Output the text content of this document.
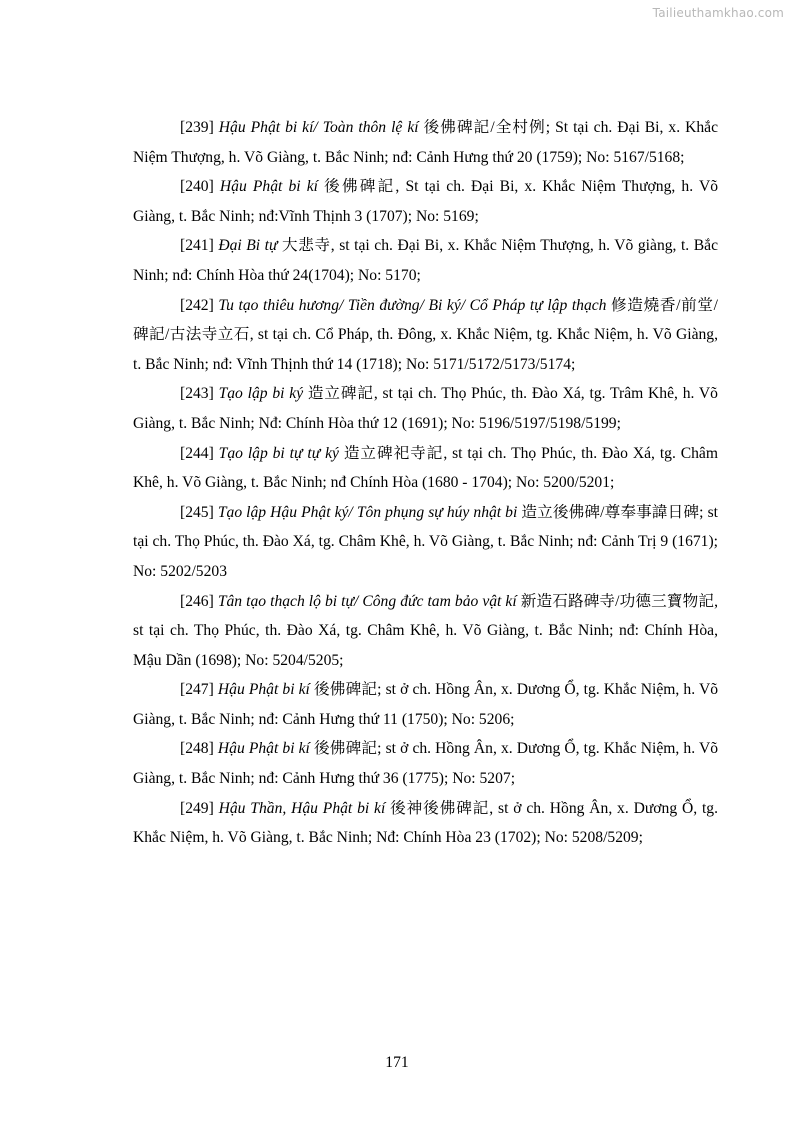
Tailieuthamkhao.com

[239] Hậu Phật bi kí/ Toàn thôn lệ kí 後佛碑記/全村例; St tại ch. Đại Bi, x. Khắc Niệm Thượng, h. Võ Giàng, t. Bắc Ninh; nđ: Cảnh Hưng thứ 20 (1759); No: 5167/5168;

[240] Hậu Phật bi kí 後佛碑記, St tại ch. Đại Bi, x. Khắc Niệm Thượng, h. Võ Giàng, t. Bắc Ninh; nđ:Vĩnh Thịnh 3 (1707); No: 5169;

[241] Đại Bi tự 大悲寺, st tại ch. Đại Bi, x. Khắc Niệm Thượng, h. Võ giàng, t. Bắc Ninh; nđ: Chính Hòa thứ 24(1704); No: 5170;

[242] Tu tạo thiêu hương/ Tiền đường/ Bi ký/ Cổ Pháp tự lập thạch 修造燒香/前堂/碑記/古法寺立石, st tại ch. Cổ Pháp, th. Đông, x. Khắc Niệm, tg. Khắc Niệm, h. Võ Giàng, t. Bắc Ninh; nđ: Vĩnh Thịnh thứ 14 (1718); No: 5171/5172/5173/5174;

[243] Tạo lập bi ký 造立碑記, st tại ch. Thọ Phúc, th. Đào Xá, tg. Trâm Khê, h. Võ Giàng, t. Bắc Ninh; Nđ: Chính Hòa thứ 12 (1691); No: 5196/5197/5198/5199;

[244] Tạo lập bi tự tự ký 造立碑祀寺記, st tại ch. Thọ Phúc, th. Đào Xá, tg. Châm Khê, h. Võ Giàng, t. Bắc Ninh; nđ Chính Hòa (1680 - 1704); No: 5200/5201;

[245] Tạo lập Hậu Phật ký/ Tôn phụng sự húy nhật bi 造立後佛碑/尊奉事諱日碑; st tại ch. Thọ Phúc, th. Đào Xá, tg. Châm Khê, h. Võ Giàng, t. Bắc Ninh; nđ: Cảnh Trị 9 (1671); No: 5202/5203

[246] Tân tạo thạch lộ bi tự/ Công đức tam bảo vật kí 新造石路碑寺/功德三寶物記, st tại ch. Thọ Phúc, th. Đào Xá, tg. Châm Khê, h. Võ Giàng, t. Bắc Ninh; nđ: Chính Hòa, Mậu Dần (1698); No: 5204/5205;

[247] Hậu Phật bi kí 後佛碑記; st ở ch. Hồng Ân, x. Dương Ổ, tg. Khắc Niệm, h. Võ Giàng, t. Bắc Ninh; nđ: Cảnh Hưng thứ 11 (1750); No: 5206;

[248] Hậu Phật bi kí 後佛碑記; st ở ch. Hồng Ân, x. Dương Ổ, tg. Khắc Niệm, h. Võ Giàng, t. Bắc Ninh; nđ: Cảnh Hưng thứ 36 (1775); No: 5207;

[249] Hậu Thần, Hậu Phật bi kí 後神後佛碑記, st ở ch. Hồng Ân, x. Dương Ổ, tg. Khắc Niệm, h. Võ Giàng, t. Bắc Ninh; Nđ: Chính Hòa 23 (1702); No: 5208/5209;

171
